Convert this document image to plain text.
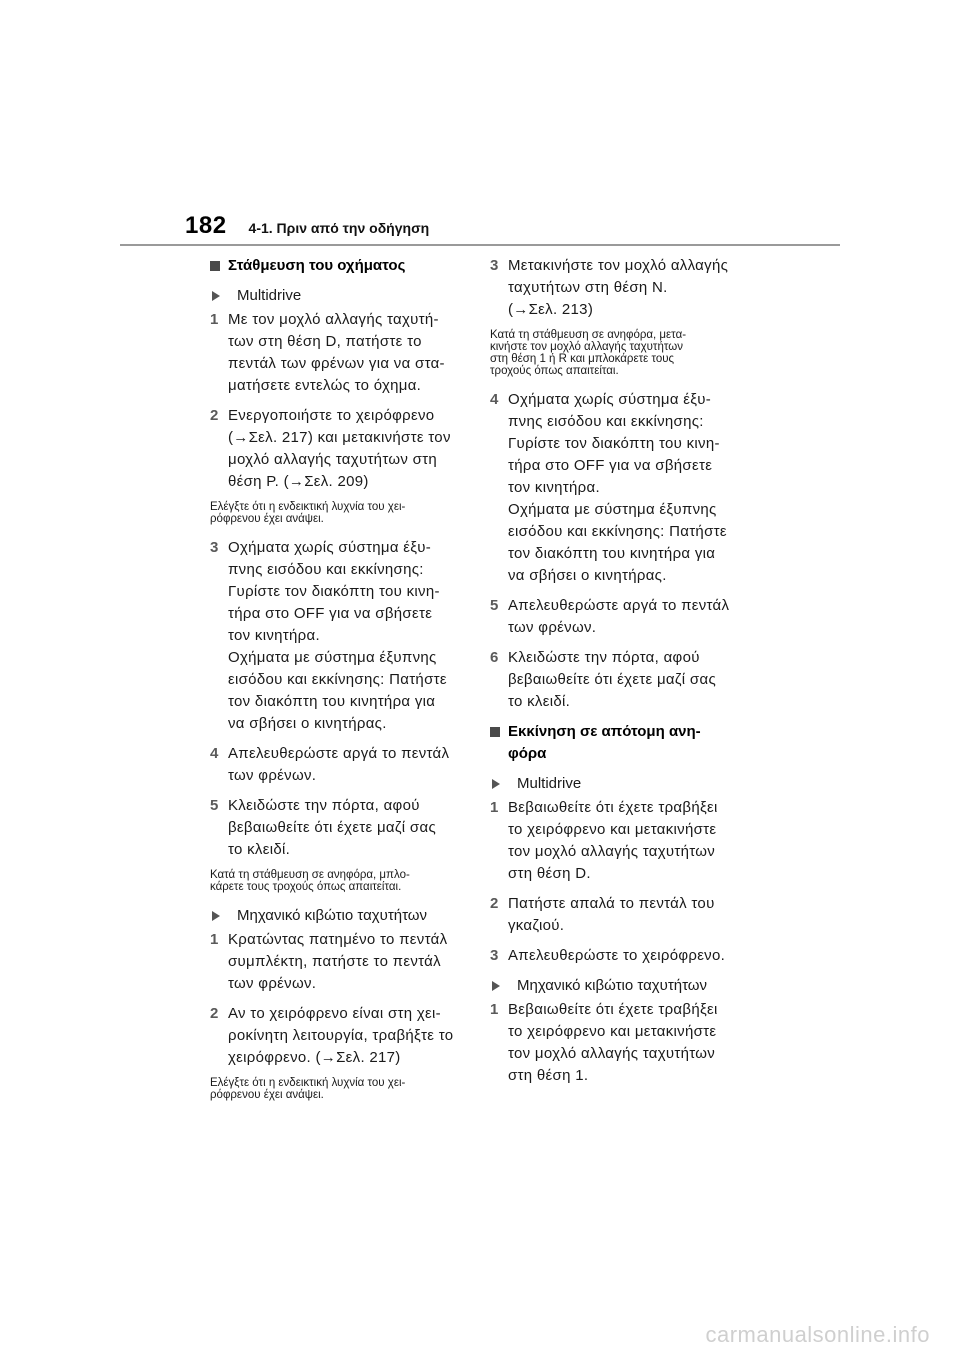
182 4-1. Πριν από την οδήγηση
Στάθμευση του οχήματος
Multidrive
1 Με τον μοχλό αλλαγής ταχυτή-

των στη θέση D, πατήστε το

πεντάλ των φρένων για να στα-

ματήσετε εντελώς το όχημα.

2 Ενεργοποιήστε το χειρόφρενο

(→Σελ. 217) και μετακινήστε τον

μοχλό αλλαγής ταχυτήτων στη

θέση P. (→Σελ. 209)

Ελέγξτε ότι η ενδεικτική λυχνία του χει-
ρόφρενου έχει ανάψει.
3 Οχήματα χωρίς σύστημα έξυ-

πνης εισόδου και εκκίνησης:

Γυρίστε τον διακόπτη του κινη-

τήρα στο OFF για να σβήσετε

τον κινητήρα.

Οχήματα με σύστημα έξυπνης

εισόδου και εκκίνησης: Πατήστε

τον διακόπτη του κινητήρα για

να σβήσει ο κινητήρας.

4 Απελευθερώστε αργά το πεντάλ

των φρένων.

5 Κλειδώστε την πόρτα, αφού

βεβαιωθείτε ότι έχετε μαζί σας

το κλειδί.

Κατά τη στάθμευση σε ανηφόρα, μπλο-
κάρετε τους τροχούς όπως απαιτείται.
Μηχανικό κιβώτιο ταχυτήτων
1 Κρατώντας πατημένο το πεντάλ

συμπλέκτη, πατήστε το πεντάλ

των φρένων.

2 Αν το χειρόφρενο είναι στη χει-

ροκίνητη λειτουργία, τραβήξτε το

χειρόφρενο. (→Σελ. 217)

Ελέγξτε ότι η ενδεικτική λυχνία του χει-
ρόφρενου έχει ανάψει.
3 Μετακινήστε τον μοχλό αλλαγής

ταχυτήτων στη θέση N.

(→Σελ. 213)

Κατά τη στάθμευση σε ανηφόρα, μετα-
κινήστε τον μοχλό αλλαγής ταχυτήτων
στη θέση 1 ή R και μπλοκάρετε τους
τροχούς όπως απαιτείται.
4 Οχήματα χωρίς σύστημα έξυ-

πνης εισόδου και εκκίνησης:

Γυρίστε τον διακόπτη του κινη-

τήρα στο OFF για να σβήσετε

τον κινητήρα.

Οχήματα με σύστημα έξυπνης

εισόδου και εκκίνησης: Πατήστε

τον διακόπτη του κινητήρα για

να σβήσει ο κινητήρας.

5 Απελευθερώστε αργά το πεντάλ

των φρένων.

6 Κλειδώστε την πόρτα, αφού

βεβαιωθείτε ότι έχετε μαζί σας

το κλειδί.

Εκκίνηση σε απότομη ανη-
φόρα
Multidrive
1 Βεβαιωθείτε ότι έχετε τραβήξει

το χειρόφρενο και μετακινήστε

τον μοχλό αλλαγής ταχυτήτων

στη θέση D.

2 Πατήστε απαλά το πεντάλ του

γκαζιού.

3 Απελευθερώστε το χειρόφρενο.

Μηχανικό κιβώτιο ταχυτήτων
1 Βεβαιωθείτε ότι έχετε τραβήξει

το χειρόφρενο και μετακινήστε

τον μοχλό αλλαγής ταχυτήτων

στη θέση 1.

carmanualsonline.info
